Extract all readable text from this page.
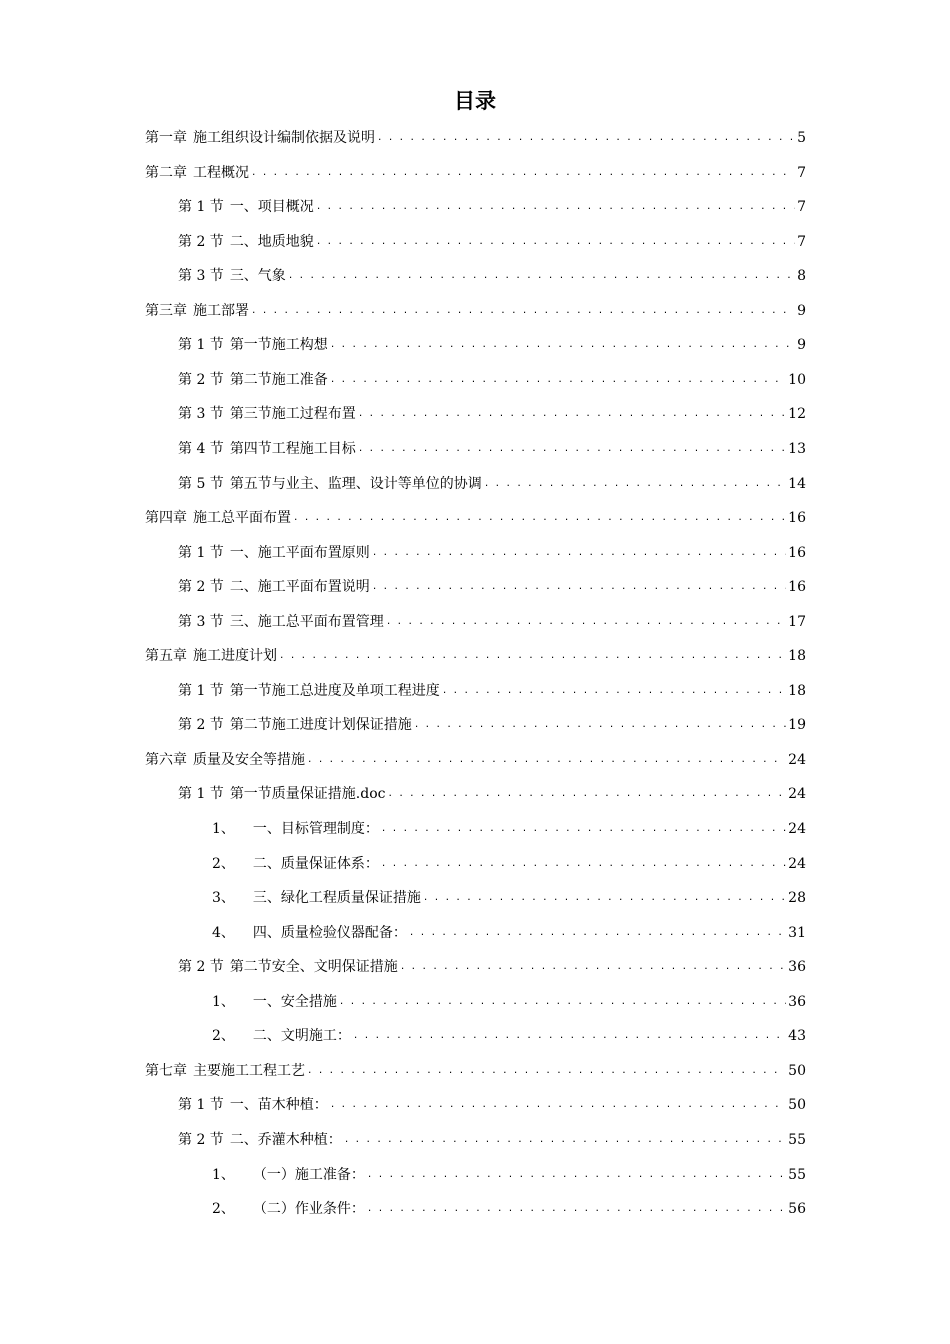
目录
第一章 施工组织设计编制依据及说明 . . .	5
第二章 工程概况 . . .	7
第 1 节 一、项目概况 . . .	7
第 2 节 二、地质地貌 . . .	7
第 3 节 三、气象 . . .	8
第三章 施工部署 . . .	9
第 1 节 第一节施工构想 . . .	9
第 2 节 第二节施工准备 . . .	10
第 3 节 第三节施工过程布置 . . .	12
第 4 节 第四节工程施工目标 . . .	13
第 5 节 第五节与业主、监理、设计等单位的协调 . . .	14
第四章 施工总平面布置 . . .	16
第 1 节 一、施工平面布置原则 . . .	16
第 2 节 二、施工平面布置说明 . . .	16
第 3 节 三、施工总平面布置管理 . . .	17
第五章 施工进度计划 . . .	18
第 1 节 第一节施工总进度及单项工程进度 . . .	18
第 2 节 第二节施工进度计划保证措施 . . .	19
第六章 质量及安全等措施 . . .	24
第 1 节 第一节质量保证措施.doc . . .	24
1、 一、目标管理制度： . . .	24
2、 二、质量保证体系： . . .	24
3、 三、绿化工程质量保证措施 . . .	28
4、 四、质量检验仪器配备： . . .	31
第 2 节 第二节安全、文明保证措施 . . .	36
1、 一、安全措施 . . .	36
2、 二、文明施工： . . .	43
第七章 主要施工工程工艺 . . .	50
第 1 节 一、苗木种植： . . .	50
第 2 节 二、乔灌木种植： . . .	55
1、 （一）施工准备： . . .	55
2、 （二）作业条件： . . .	56
